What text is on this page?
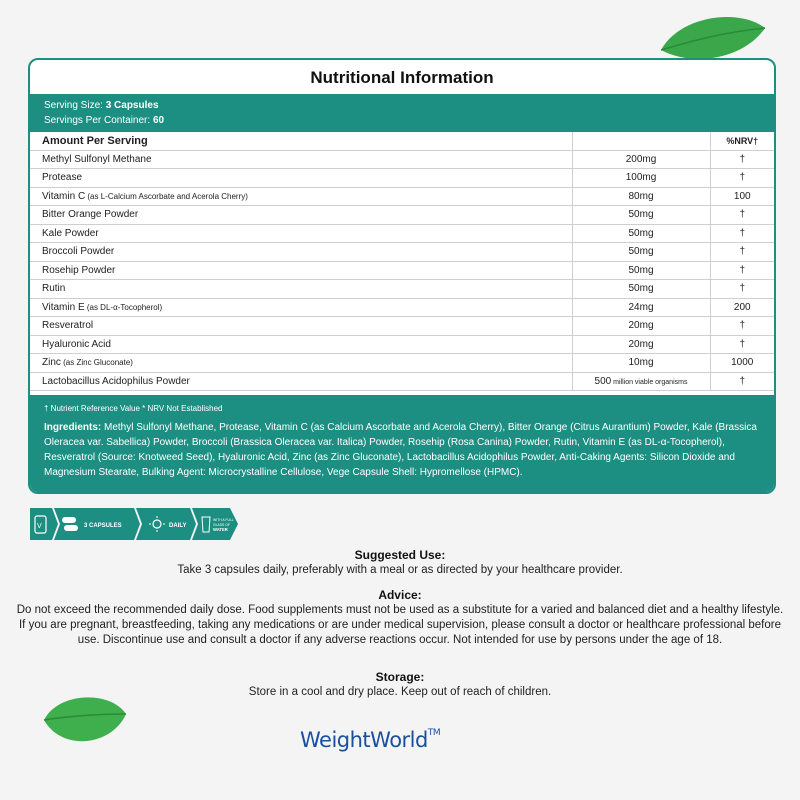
Nutritional Information
Serving Size: 3 Capsules
Servings Per Container: 60
Amount Per Serving		%NRV†
Methyl Sulfonyl Methane	200mg	†
Protease	100mg	†
Vitamin C (as L-Calcium Ascorbate and Acerola Cherry)	80mg	100
Bitter Orange Powder	50mg	†
Kale Powder	50mg	†
Broccoli Powder	50mg	†
Rosehip Powder	50mg	†
Rutin	50mg	†
Vitamin E (as DL-α-Tocopherol)	24mg	200
Resveratrol	20mg	†
Hyaluronic Acid	20mg	†
Zinc (as Zinc Gluconate)	10mg	1000
Lactobacillus Acidophilus Powder	500 million viable organisms	†
† Nutrient Reference Value * NRV Not Established
Ingredients: Methyl Sulfonyl Methane, Protease, Vitamin C (as Calcium Ascorbate and Acerola Cherry), Bitter Orange (Citrus Aurantium) Powder, Kale (Brassica Oleracea var. Sabellica) Powder, Broccoli (Brassica Oleracea var. Italica) Powder, Rosehip (Rosa Canina) Powder, Rutin, Vitamin E (as DL-α-Tocopherol), Resveratrol (Source: Knotweed Seed), Hyaluronic Acid, Zinc (as Zinc Gluconate), Lactobacillus Acidophilus Powder, Anti-Caking Agents: Silicon Dioxide and Magnesium Stearate, Bulking Agent: Microcrystalline Cellulose, Vege Capsule Shell: Hypromellose (HPMC).
V	3 CAPSULES	DAILY
WITH A FULL
GLASS OF
WATER
Suggested Use:

Take 3 capsules daily, preferably with a meal or as directed by your healthcare provider.

Advice:

Do not exceed the recommended daily dose. Food supplements must not be used as a substitute for a varied and balanced diet and a healthy lifestyle. If you are pregnant, breastfeeding, taking any medications or are under medical supervision, please consult a doctor or healthcare professional before use. Discontinue use and consult a doctor if any adverse reactions occur. Not intended for use by persons under the age of 18.

Storage:

Store in a cool and dry place. Keep out of reach of children.

WeightWorld™
